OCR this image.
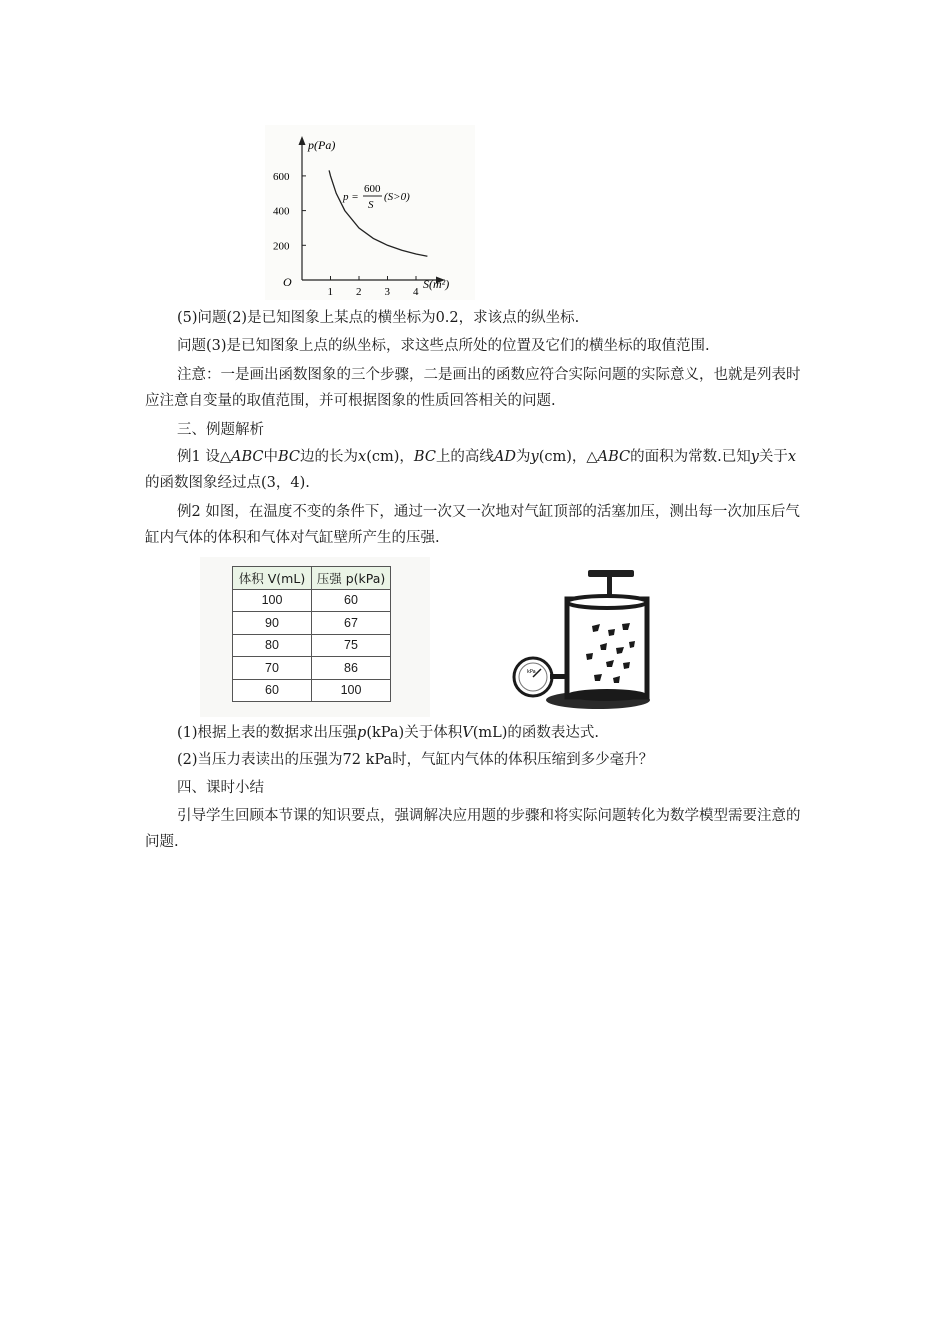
1 2 3 4
200
400
600
p(Pa)
S(m²)
O
p =
600
S
(S>0)

(5)问题(2)是已知图象上某点的横坐标为0.2，求该点的纵坐标.

问题(3)是已知图象上点的纵坐标，求这些点所处的位置及它们的横坐标的取值范围.

注意：一是画出函数图象的三个步骤，二是画出的函数应符合实际问题的实际意义，也就是列表时应注意自变量的取值范围，并可根据图象的性质回答相关的问题.

三、例题解析

例1 设△ABC中BC边的长为x(cm)，BC上的高线AD为y(cm)，△ABC的面积为常数.已知y关于x的函数图象经过点(3，4).

例2 如图，在温度不变的条件下，通过一次又一次地对气缸顶部的活塞加压，测出每一次加压后气缸内气体的体积和气体对气缸壁所产生的压强.

体积 V(mL)	压强 p(kPa)
100	60
90	67
80	75
70	86
60	100
kPa

(1)根据上表的数据求出压强p(kPa)关于体积V(mL)的函数表达式.

(2)当压力表读出的压强为72 kPa时，气缸内气体的体积压缩到多少毫升？

四、课时小结

引导学生回顾本节课的知识要点，强调解决应用题的步骤和将实际问题转化为数学模型需要注意的问题.
